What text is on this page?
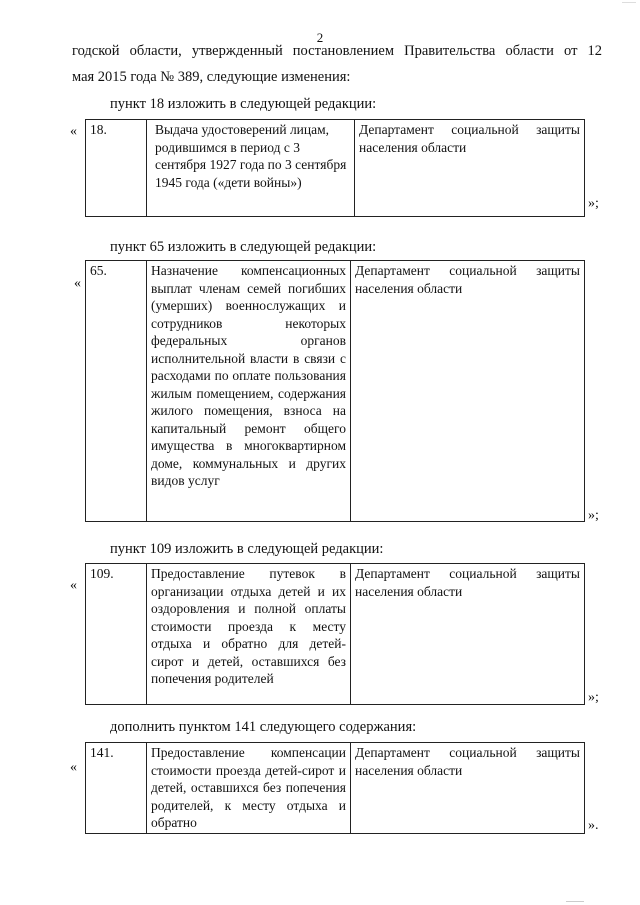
2
годской области, утвержденный постановлением Правительства области от 12
мая 2015 года № 389, следующие изменения:
пункт 18 изложить в следующей редакции:
« 18.	Выдача удостоверений лицам, родившимся в период с 3 сентября 1927 года по 3 сентября 1945 года («дети войны»)	Департамент социальной защиты населения области
»;
пункт 65 изложить в следующей редакции:
«
65.	Назначение компенсационных выплат членам семей погибших (умерших) военнослужащих и сотрудников некоторых федеральных органов исполнительной власти в связи с расходами по оплате пользования жилым помещением, содержания жилого помещения, взноса на капитальный ремонт общего имущества в многоквартирном доме, коммунальных и других видов услуг	Департамент социальной защиты населения области
»;
пункт 109 изложить в следующей редакции:
«
109.	Предоставление путевок в организации отдыха детей и их оздоровления и полной оплаты стоимости проезда к месту отдыха и обратно для детей-сирот и детей, оставшихся без попечения родителей	Департамент социальной защиты населения области
»;
дополнить пунктом 141 следующего содержания:
«
141.	Предоставление компенсации стоимости проезда детей-сирот и детей, оставшихся без попечения родителей, к месту отдыха и обратно	Департамент социальной защиты населения области
».
